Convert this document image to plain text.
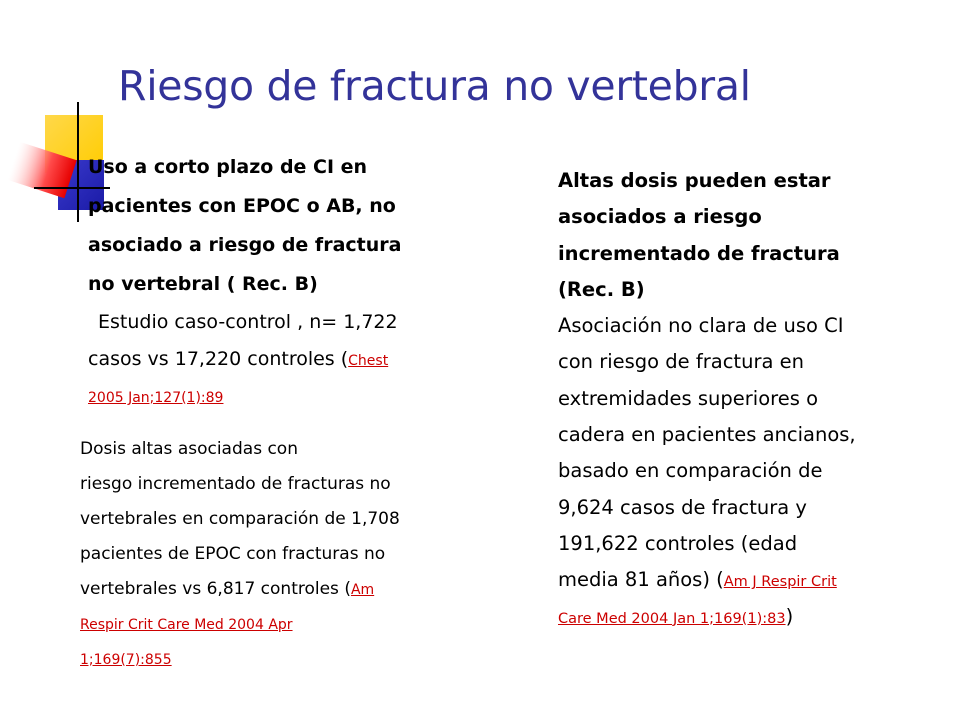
Riesgo de fractura no vertebral
Uso a corto plazo de CI en
pacientes con EPOC o AB, no
asociado a riesgo de fractura
no vertebral ( Rec. B)
Estudio caso-control , n= 1,722
casos vs 17,220 controles (Chest
2005 Jan;127(1):89
Dosis altas asociadas con
riesgo incrementado de fracturas no
vertebrales en comparación de 1,708
pacientes de EPOC con fracturas no
vertebrales vs 6,817 controles (Am
Respir Crit Care Med 2004 Apr
1;169(7):855
Altas dosis pueden estar
asociados a riesgo
incrementado de fractura
(Rec. B)
Asociación no clara de uso CI
con riesgo de fractura en
extremidades superiores o
cadera en pacientes ancianos,
basado en comparación de
9,624 casos de fractura y
191,622 controles (edad
media 81 años) (Am J Respir Crit
Care Med 2004 Jan 1;169(1):83)
